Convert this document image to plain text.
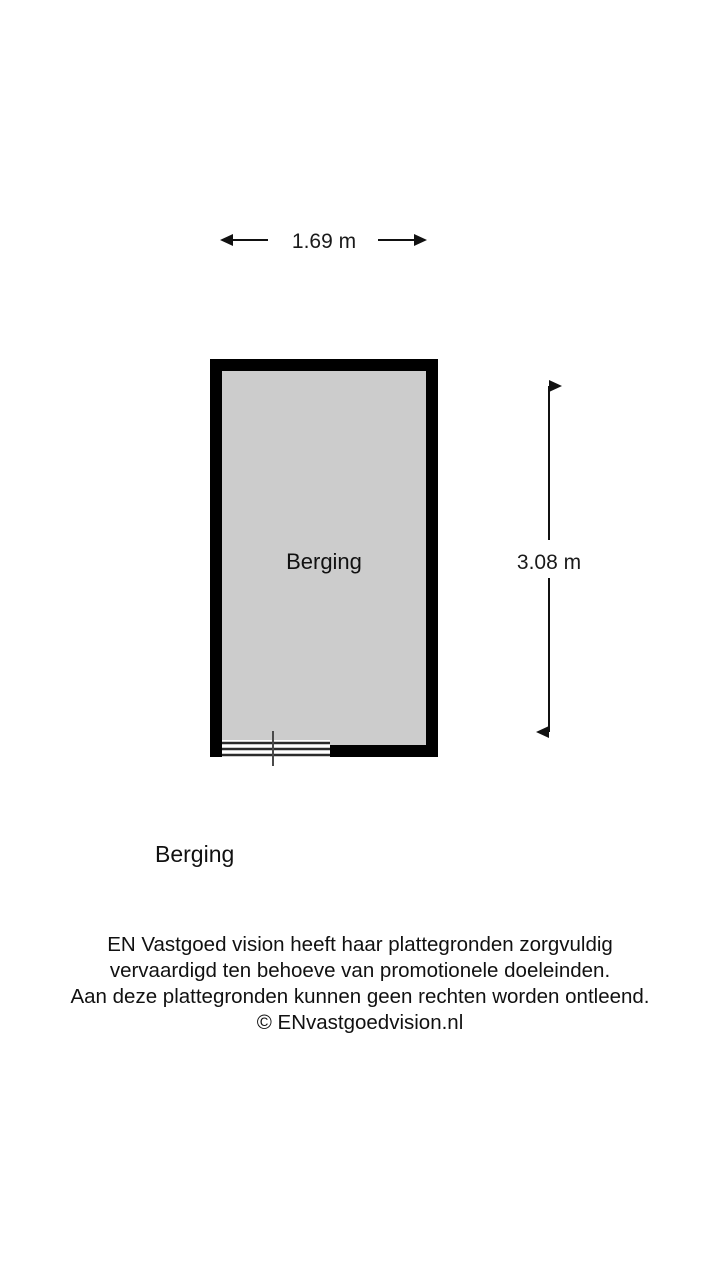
1.69 m
Berging	3.08 m
Berging
EN Vastgoed vision heeft haar plattegronden zorgvuldig
vervaardigd ten behoeve van promotionele doeleinden.
Aan deze plattegronden kunnen geen rechten worden ontleend.
© ENvastgoedvision.nl
